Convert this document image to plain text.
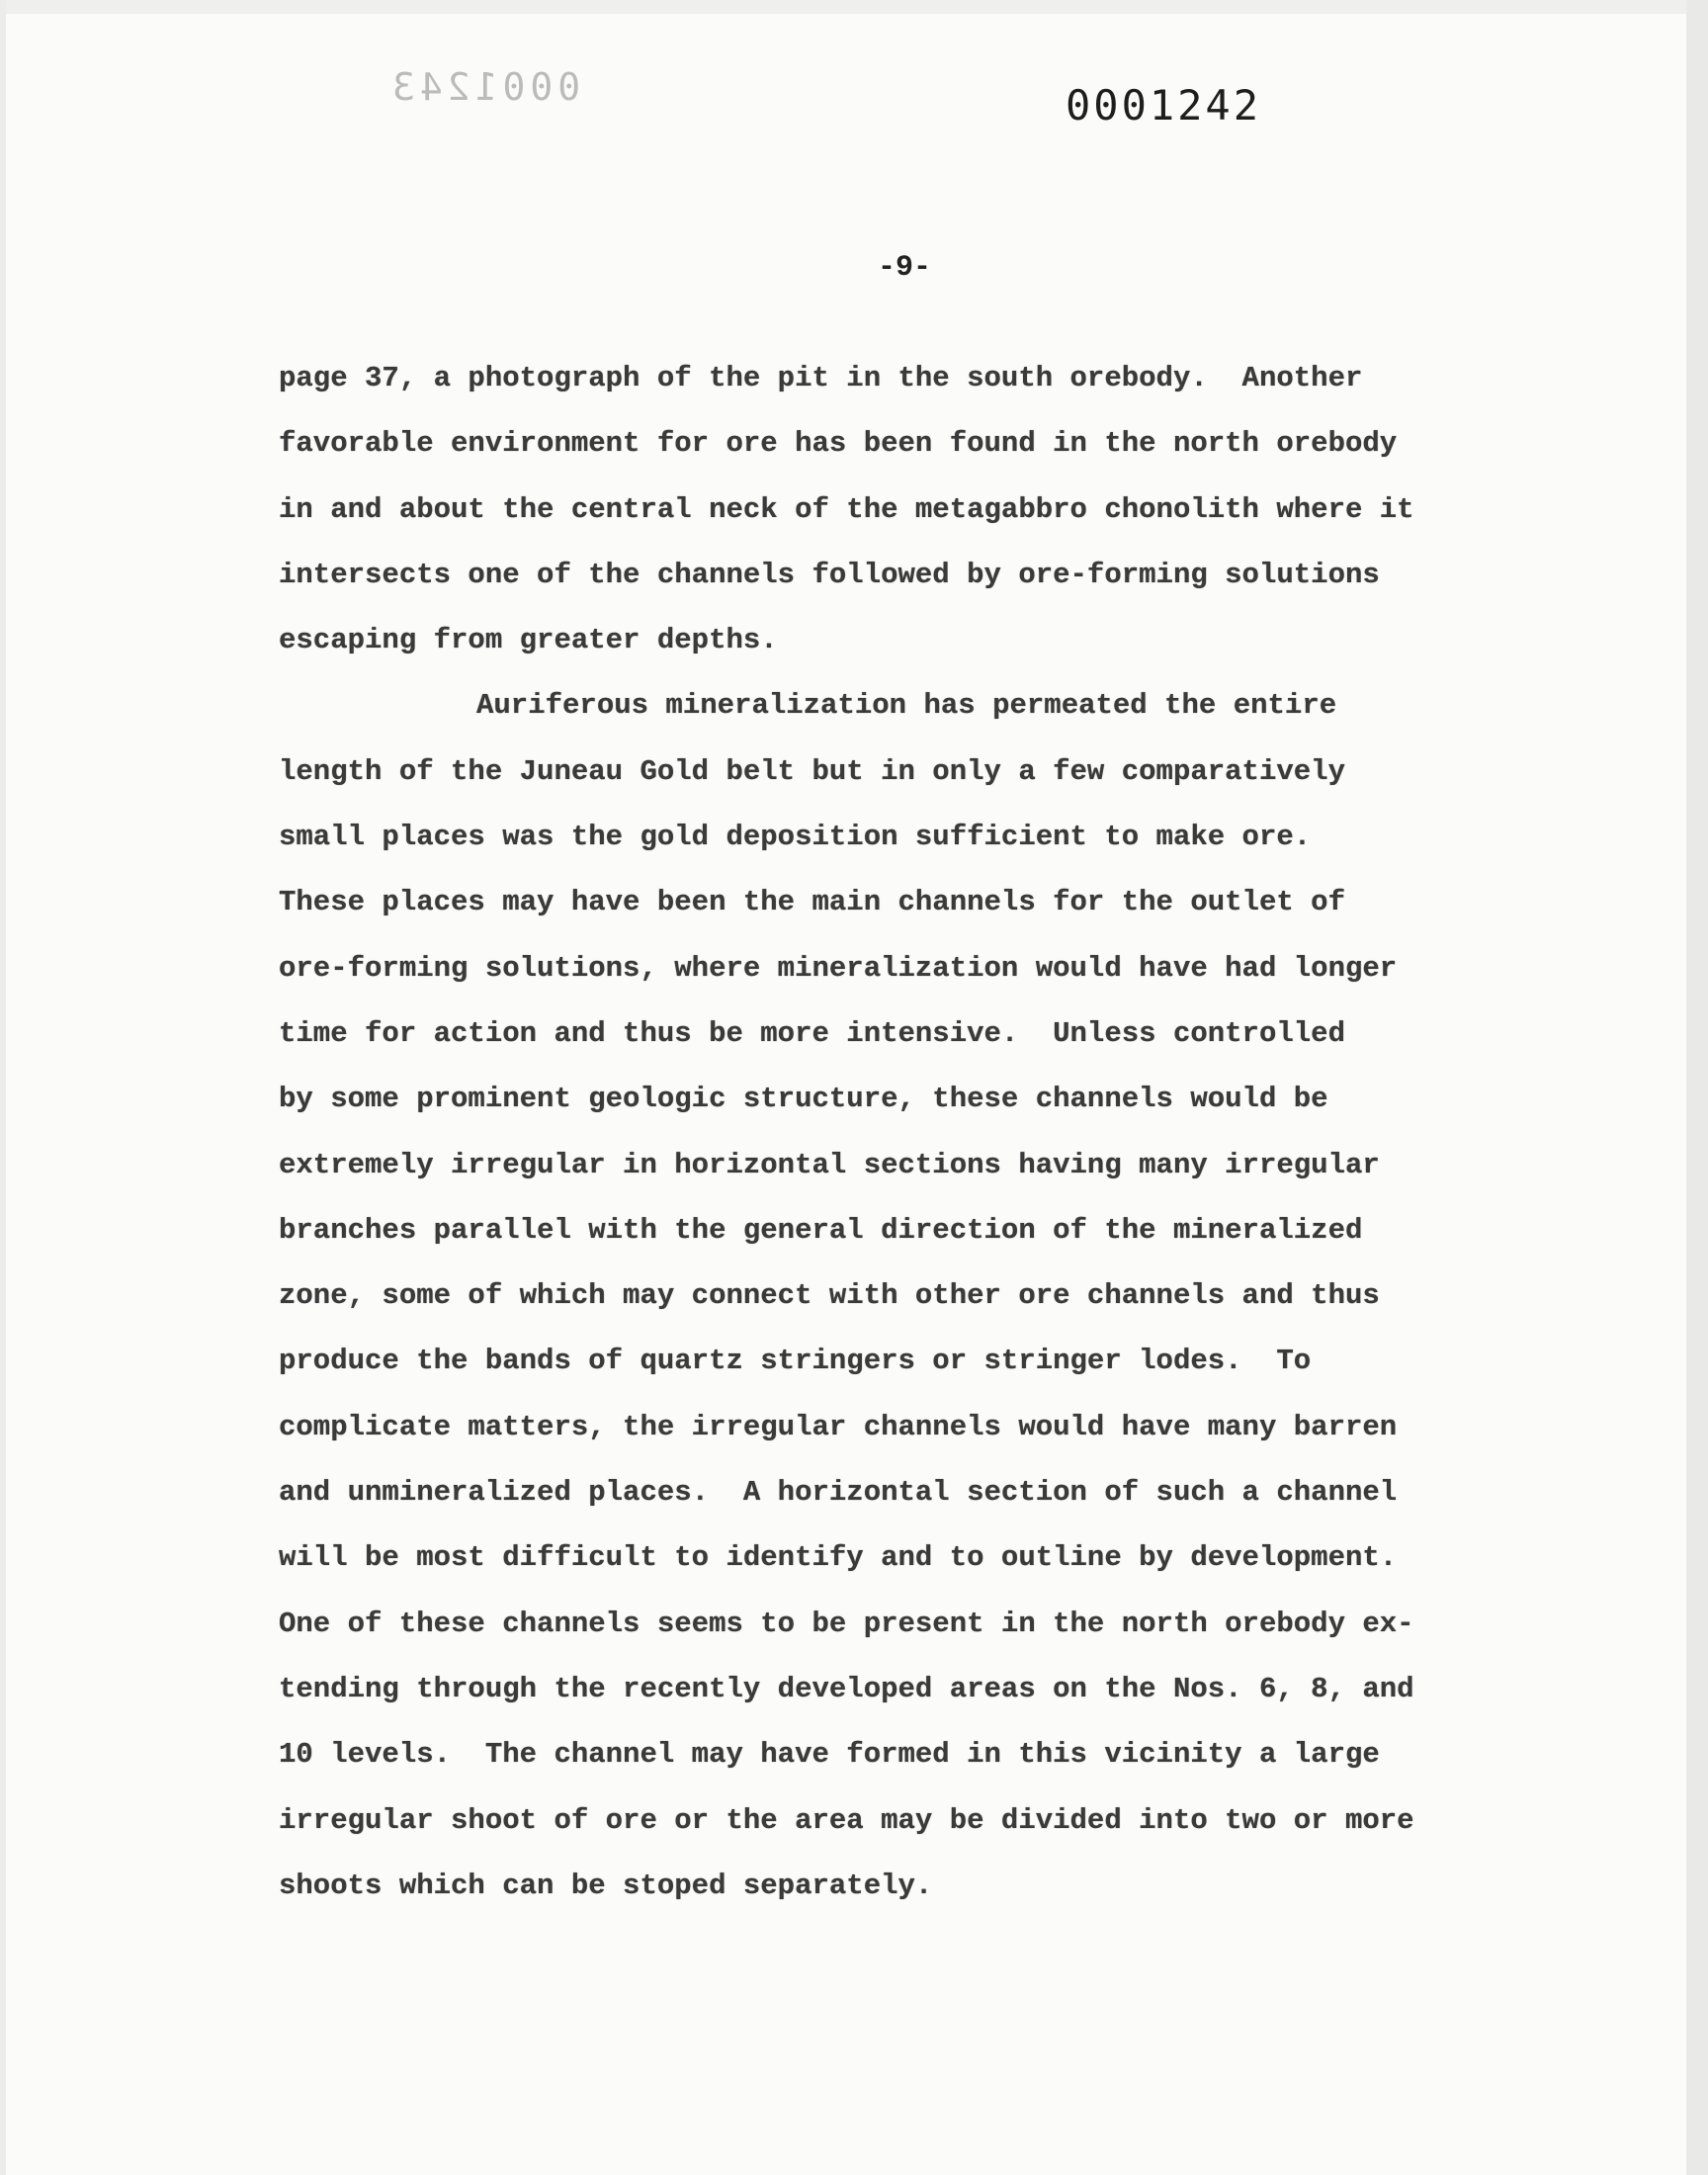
0001243	0001242
-9-
page 37, a photograph of the pit in the south orebody.  Another
favorable environment for ore has been found in the north orebody
in and about the central neck of the metagabbro chonolith where it
intersects one of the channels followed by ore-forming solutions
escaping from greater depths.
Auriferous mineralization has permeated the entire
length of the Juneau Gold belt but in only a few comparatively
small places was the gold deposition sufficient to make ore.
These places may have been the main channels for the outlet of
ore-forming solutions, where mineralization would have had longer
time for action and thus be more intensive.  Unless controlled
by some prominent geologic structure, these channels would be
extremely irregular in horizontal sections having many irregular
branches parallel with the general direction of the mineralized
zone, some of which may connect with other ore channels and thus
produce the bands of quartz stringers or stringer lodes.  To
complicate matters, the irregular channels would have many barren
and unmineralized places.  A horizontal section of such a channel
will be most difficult to identify and to outline by development.
One of these channels seems to be present in the north orebody ex-
tending through the recently developed areas on the Nos. 6, 8, and
10 levels.  The channel may have formed in this vicinity a large
irregular shoot of ore or the area may be divided into two or more
shoots which can be stoped separately.
